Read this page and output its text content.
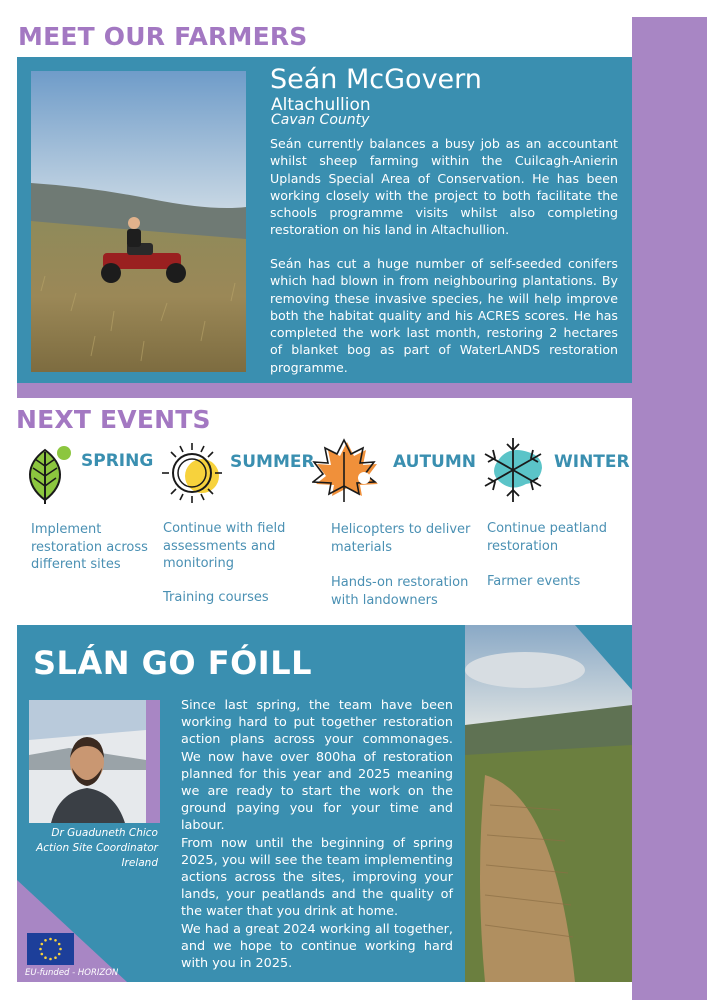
MEET OUR FARMERS
Seán McGovern
Altachullion
Cavan County
Seán currently balances a busy job as an accountant whilst sheep farming within the Cuilcagh-Anierin Uplands Special Area of Conservation. He has been working closely with the project to both facilitate the schools programme visits whilst also completing restoration on his land in Altachullion.
Seán has cut a huge number of self-seeded conifers which had blown in from neighbouring plantations. By removing these invasive species, he will help improve both the habitat quality and his ACRES scores. He has completed the work last month, restoring 2 hectares of blanket bog as part of WaterLANDS restoration programme.
NEXT EVENTS
SPRING
Implement restoration across different sites
SUMMER
Continue with field assessments and monitoring
Training courses
AUTUMN
Helicopters to deliver materials
Hands-on restoration with landowners
WINTER
Continue peatland restoration
Farmer events
SLÁN GO FÓILL
Dr Guaduneth Chico
Action Site Coordinator
Ireland

Since last spring, the team have been working hard to put together restoration action plans across your commonages. We now have over 800ha of restoration planned for this year and 2025 meaning we are ready to start the work on the ground paying you for your time and labour.

From now until the beginning of spring 2025, you will see the team implementing actions across the sites, improving your lands, your peatlands and the quality of the water that you drink at home.

We had a great 2024 working all together, and we hope to continue working hard with you in 2025.

EU-funded - HORIZON
